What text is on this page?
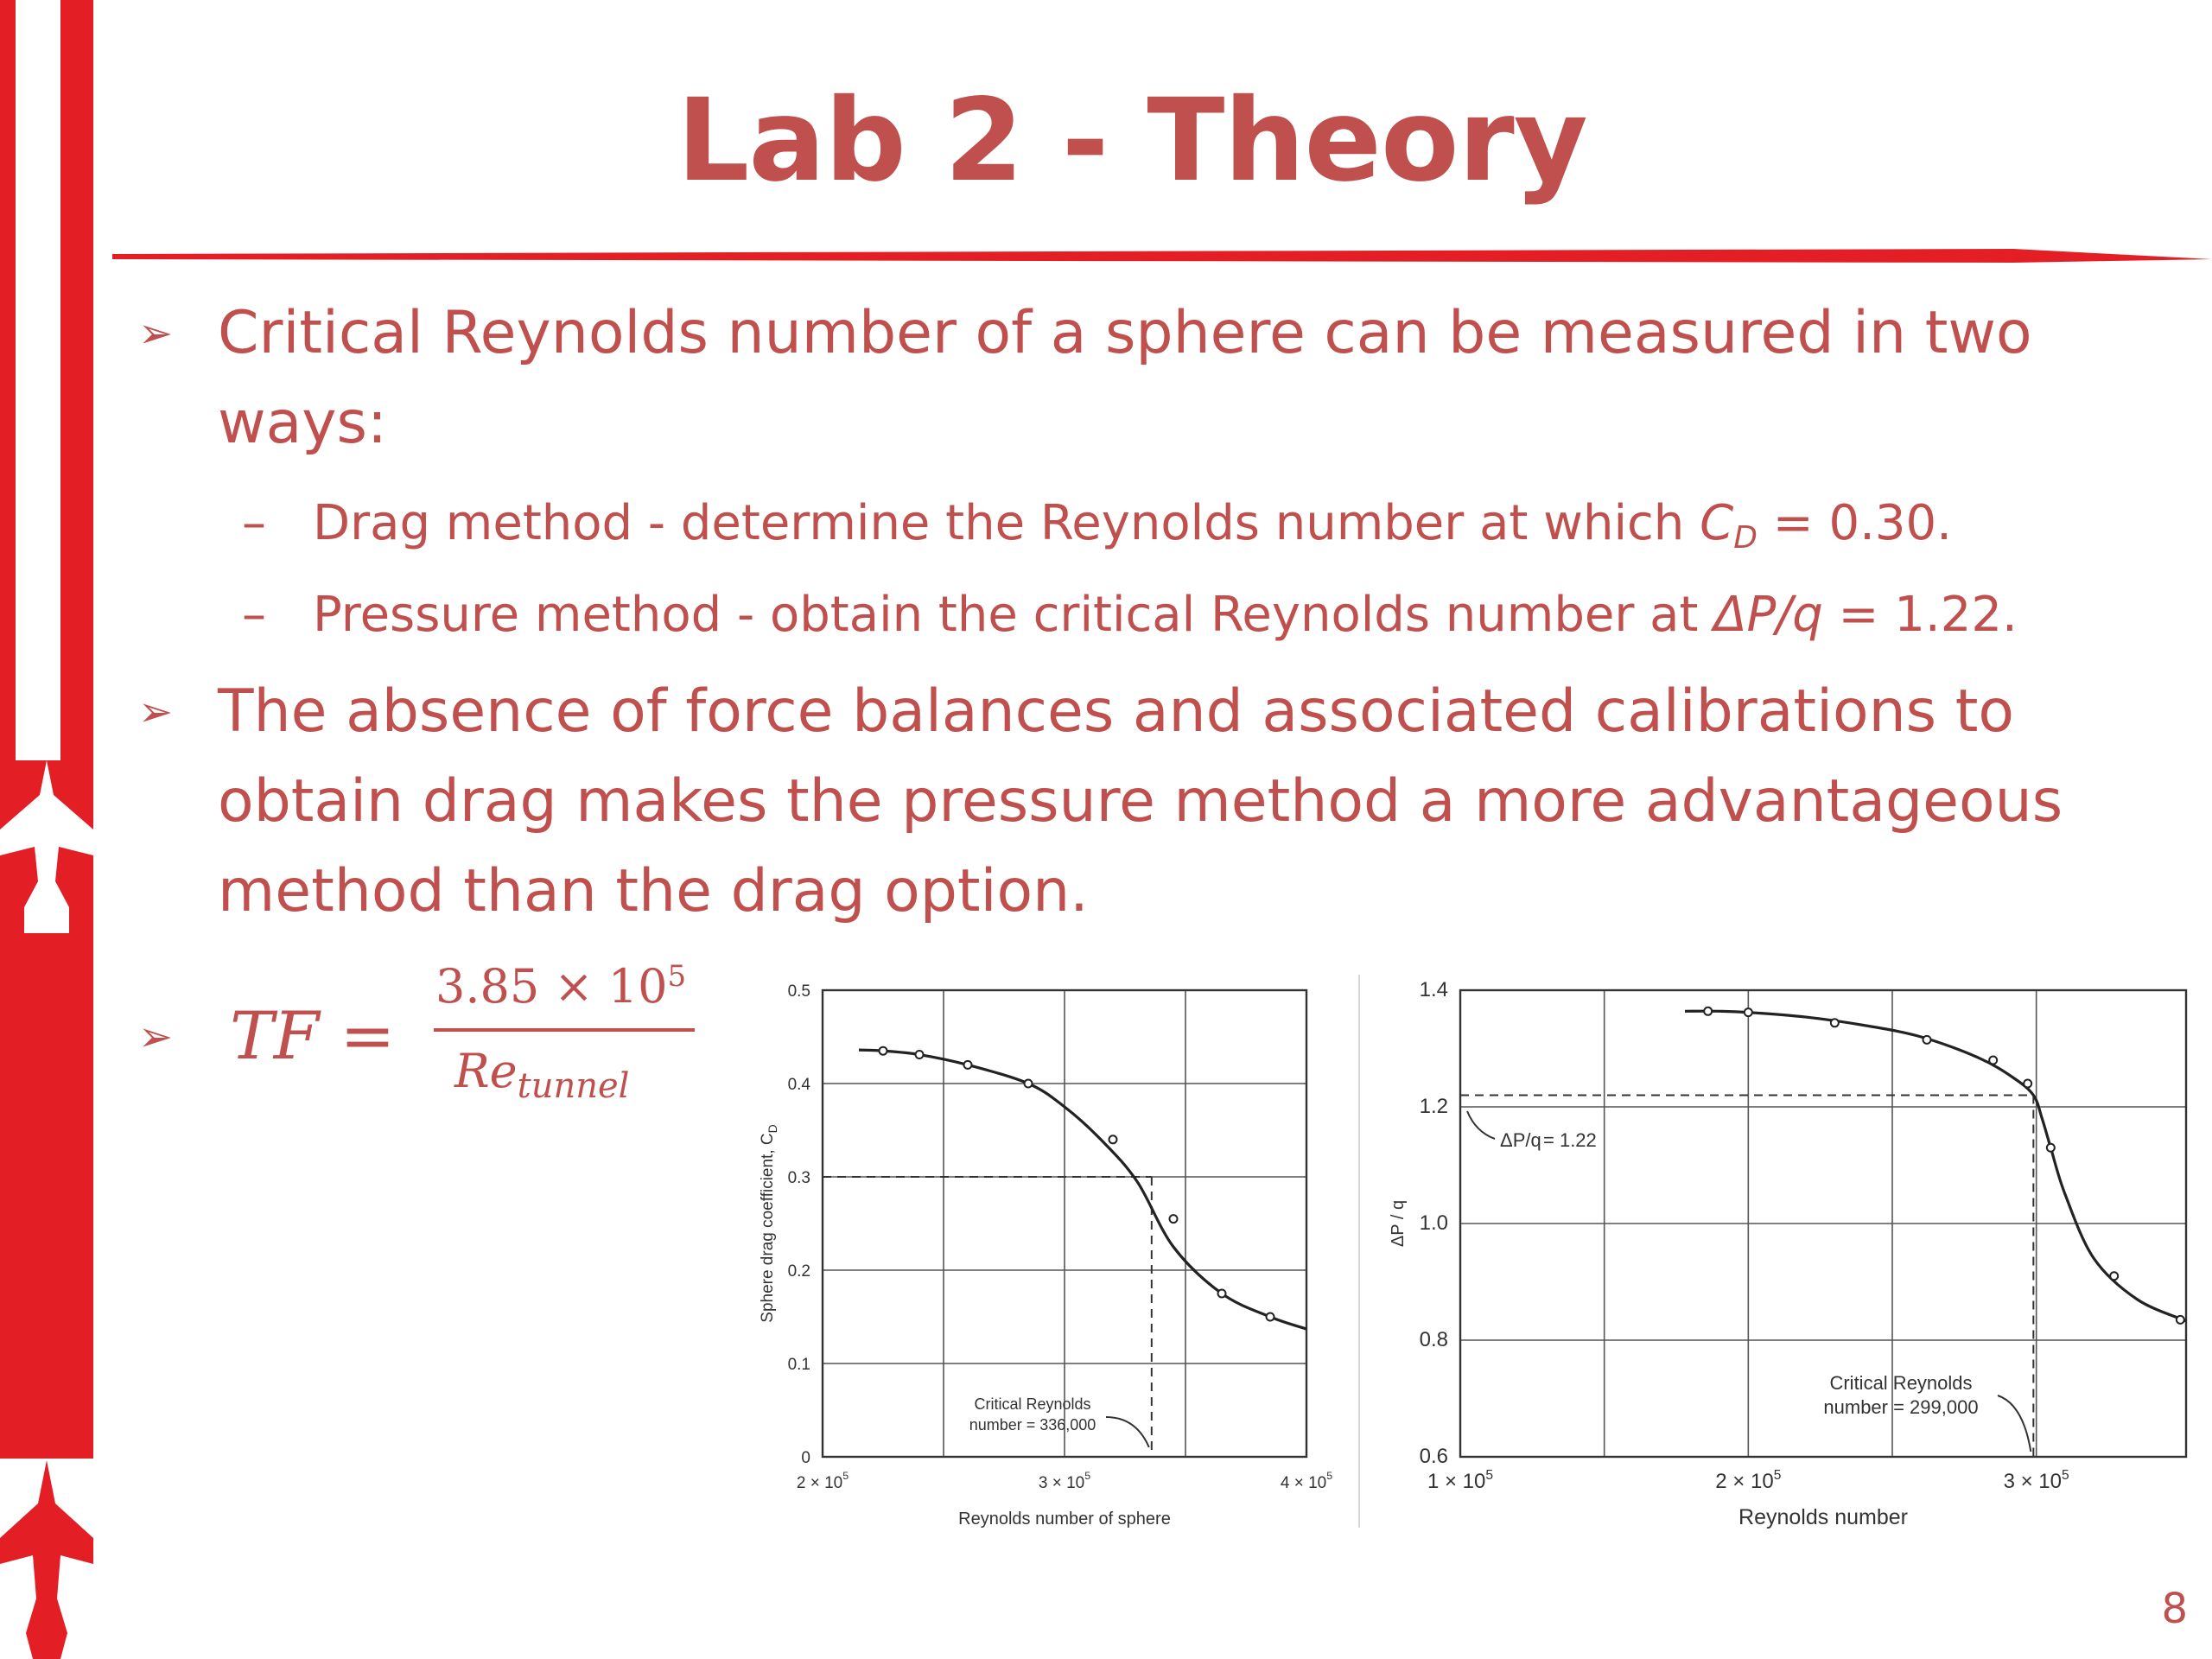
Lab 2 - Theory
➢ Critical Reynolds number of a sphere can be measured in two
ways:
– Drag method - determine the Reynolds number at which CD = 0.30.
– Pressure method - obtain the critical Reynolds number at ΔP/q = 1.22.
➢ The absence of force balances and associated calibrations to
obtain drag makes the pressure method a more advantageous
method than the drag option.
➢ TF =
$3.85 \times 10^5$
$Re_{tunnel}$
0
0.1
0.2
0.3
0.4
0.5
$2 \times 10^5$	$3 \times 10^5$	$4 \times 10^5$
Reynolds number of sphere
Sphere drag coefficient, $C_D$
Critical Reynolds
number = 336,000
0.6
0.8
1.0
1.2
1.4
$1 \times 10^5$	$2 \times 10^5$	$3 \times 10^5$
Reynolds number
ΔP / q
ΔP/q = 1.22
Critical Reynolds
number = 299,000
8
